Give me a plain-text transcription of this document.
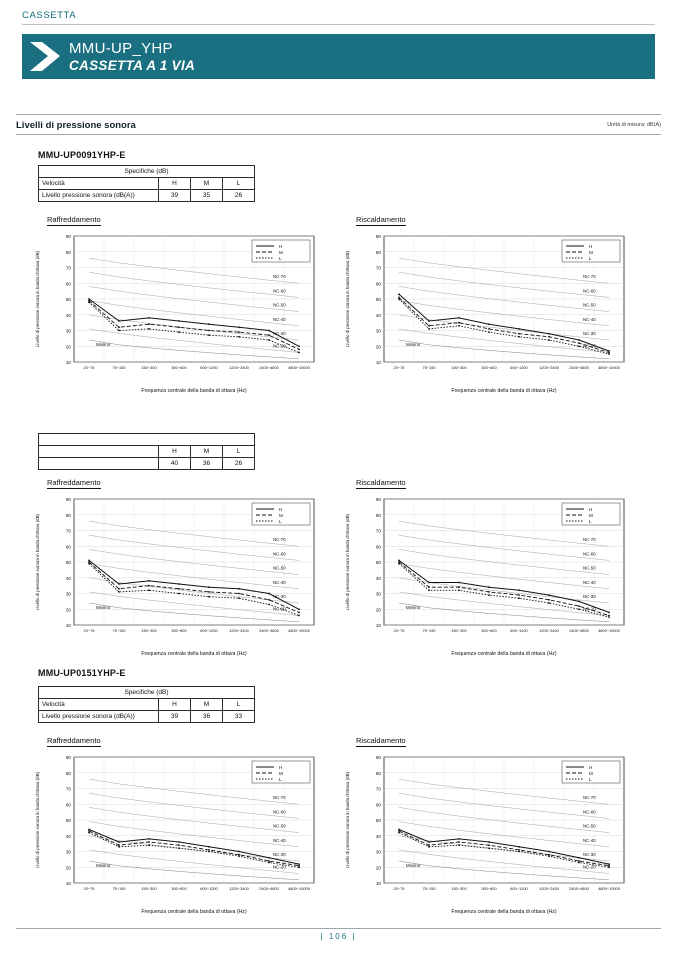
CASSETTA
MMU-UP_YHP
CASSETTA A 1 VIA
Livelli di pressione sonora	Unità di misura: dB(A)
MMU-UP0091YHP-E
Specifiche (dB)			
Velocità	H	M	L
Livello pressione sonora (dB(A))	39	35	26
Raffreddamento	Riscaldamento
10
20
30
40
50
60
70
80
90
NC-70
NC-60
NC-50
NC-40
NC-30
NC-20
Minimo
H
M
L
20~75	75~150	150~300	300~600	600~1200	1200~2400	2400~4800 4800~10000
Frequenza centrale della banda di ottava (Hz)
Livello di pressione sonora in banda d'ottava (dB)
10
20
30
40
50
60
70
80
90
NC-70
NC-60
NC-50
NC-40
NC-30
NC-20
Minimo
H
M
L
20~75	75~150	150~300	300~600	600~1200	1200~2400	2400~4800 4800~10000
Frequenza centrale della banda di ottava (Hz)
Livello di pressione sonora in banda d'ottava (dB)

	H	M	L
	40	36	26
Raffreddamento	Riscaldamento
10
20
30
40
50
60
70
80
90
NC-70
NC-60
NC-50
NC-40
NC-30
NC-20
Minimo
H
M
L
20~75	75~150	150~300	300~600	600~1200	1200~2400	2400~4800 4800~10000
Frequenza centrale della banda di ottava (Hz)
Livello di pressione sonora in banda d'ottava (dB)
10
20
30
40
50
60
70
80
90
NC-70
NC-60
NC-50
NC-40
NC-30
NC-20
Minimo
H
M
L
20~75	75~150	150~300	300~600	600~1200	1200~2400	2400~4800 4800~10000
Frequenza centrale della banda di ottava (Hz)
Livello di pressione sonora in banda d'ottava (dB)
MMU-UP0151YHP-E
Specifiche (dB)			
Velocità	H	M	L
Livello pressione sonora (dB(A))	39	36	33
Raffreddamento	Riscaldamento
10
20
30
40
50
60
70
80
90
NC-70
NC-60
NC-50
NC-40
NC-30
NC-20
Minimo
H
M
L
20~75	75~150	150~300	300~600	600~1200	1200~2400	2400~4800 4800~10000
Frequenza centrale della banda di ottava (Hz)
Livello di pressione sonora in banda d'ottava (dB)
10
20
30
40
50
60
70
80
90
NC-70
NC-60
NC-50
NC-40
NC-30
NC-20
Minimo
H
M
L
20~75	75~150	150~300	300~600	600~1200	1200~2400	2400~4800 4800~10000
Frequenza centrale della banda di ottava (Hz)
Livello di pressione sonora in banda d'ottava (dB)
| 106 |
